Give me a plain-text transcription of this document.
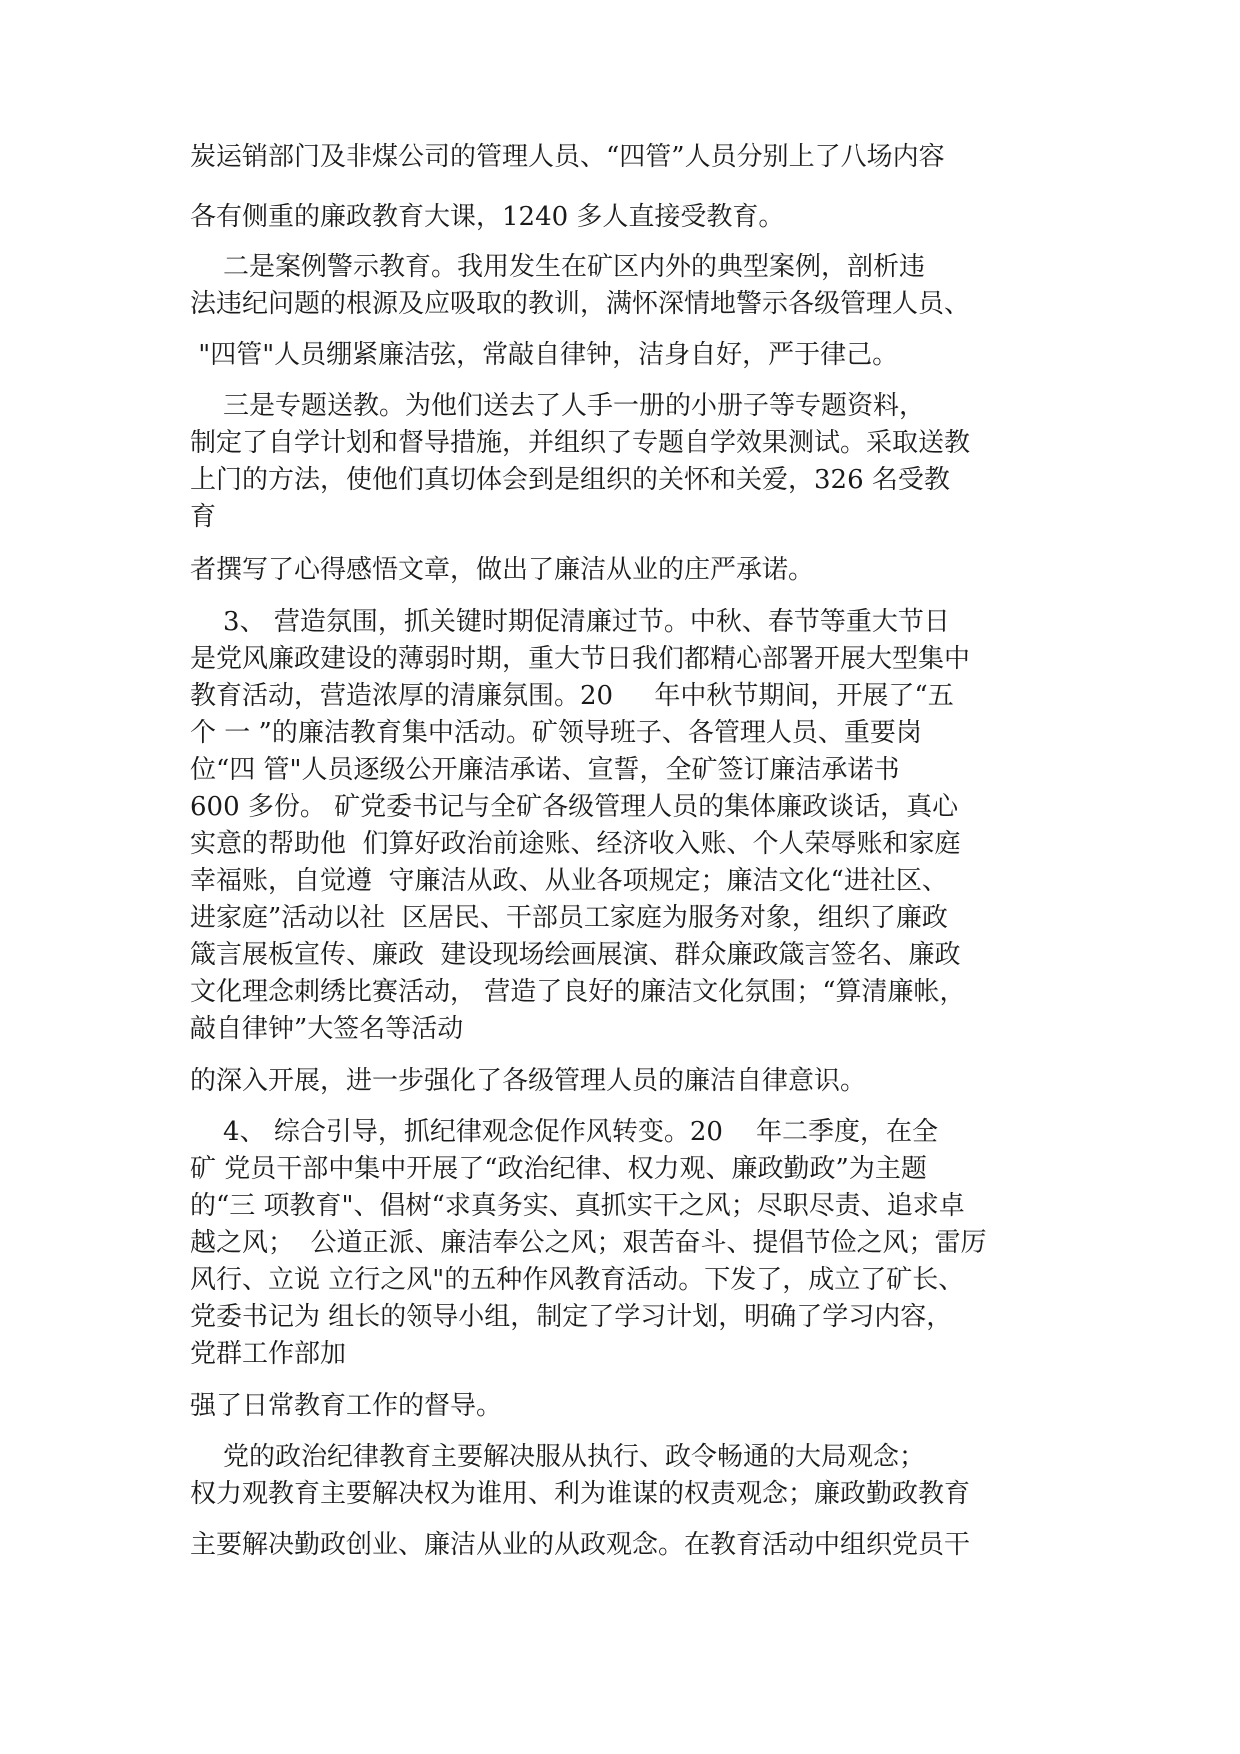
炭运销部门及非煤公司的管理人员、“四管”人员分别上了八场内容
各有侧重的廉政教育大课，1240 多人直接受教育。
二是案例警示教育。我用发生在矿区内外的典型案例，剖析违
法违纪问题的根源及应吸取的教训，满怀深情地警示各级管理人员、
"四管"人员绷紧廉洁弦，常敲自律钟，洁身自好，严于律己。
三是专题送教。为他们送去了人手一册的小册子等专题资料，
制定了自学计划和督导措施，并组织了专题自学效果测试。采取送教
上门的方法，使他们真切体会到是组织的关怀和关爱，326 名受教
育
者撰写了心得感悟文章，做出了廉洁从业的庄严承诺。
3、 营造氛围，抓关键时期促清廉过节。中秋、春节等重大节日
是党风廉政建设的薄弱时期，重大节日我们都精心部署开展大型集中
教育活动，营造浓厚的清廉氛围。20     年中秋节期间，开展了“五
个 一 ”的廉洁教育集中活动。矿领导班子、各管理人员、重要岗
位“四 管"人员逐级公开廉洁承诺、宣誓，全矿签订廉洁承诺书
600 多份。 矿党委书记与全矿各级管理人员的集体廉政谈话，真心
实意的帮助他  们算好政治前途账、经济收入账、个人荣辱账和家庭
幸福账，自觉遵  守廉洁从政、从业各项规定；廉洁文化“进社区、
进家庭”活动以社  区居民、干部员工家庭为服务对象，组织了廉政
箴言展板宣传、廉政  建设现场绘画展演、群众廉政箴言签名、廉政
文化理念刺绣比赛活动， 营造了良好的廉洁文化氛围；“算清廉帐，
敲自律钟”大签名等活动
的深入开展，进一步强化了各级管理人员的廉洁自律意识。
4、 综合引导，抓纪律观念促作风转变。20    年二季度，在全
矿 党员干部中集中开展了“政治纪律、权力观、廉政勤政”为主题
的“三 项教育"、倡树“求真务实、真抓实干之风；尽职尽责、追求卓
越之风；  公道正派、廉洁奉公之风；艰苦奋斗、提倡节俭之风；雷厉
风行、立说 立行之风"的五种作风教育活动。下发了，成立了矿长、
党委书记为 组长的领导小组，制定了学习计划，明确了学习内容，
党群工作部加
强了日常教育工作的督导。
党的政治纪律教育主要解决服从执行、政令畅通的大局观念；
权力观教育主要解决权为谁用、利为谁谋的权责观念；廉政勤政教育
主要解决勤政创业、廉洁从业的从政观念。在教育活动中组织党员干
